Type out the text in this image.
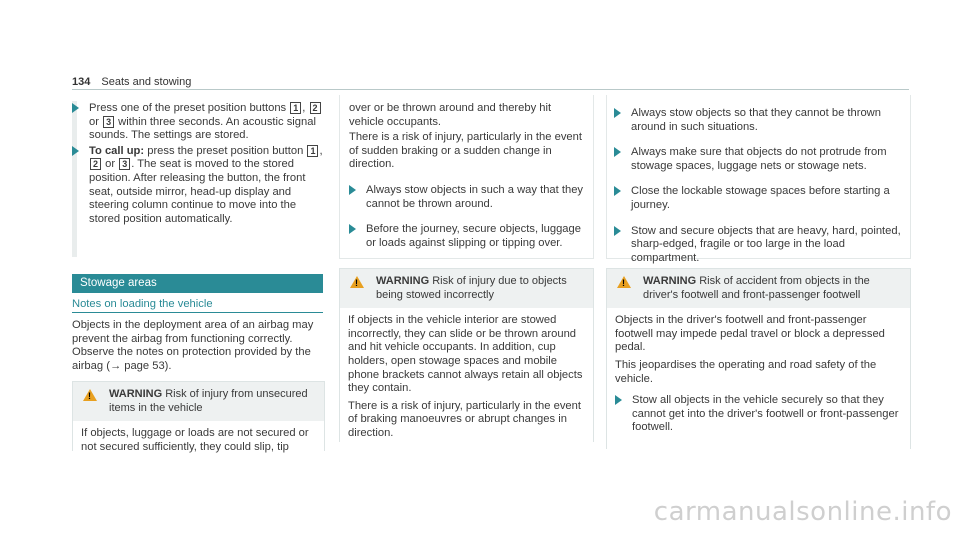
134 Seats and stowing
Press one of the preset position buttons 1 , 2 or 3 within three seconds. An acoustic signal sounds. The settings are stored.
To call up: press the preset position button 1 , 2 or 3 . The seat is moved to the stored position. After releasing the button, the front seat, outside mirror, head-up display and steering column continue to move into the stored position automatically.
Stowage areas
Notes on loading the vehicle
Objects in the deployment area of an airbag may prevent the airbag from functioning correctly. Observe the notes on protection provided by the airbag (→ page 53).
!
WARNING Risk of injury from unsecured items in the vehicle
If objects, luggage or loads are not secured or not secured sufficiently, they could slip, tip

over or be thrown around and thereby hit vehicle occupants.

There is a risk of injury, particularly in the event of sudden braking or a sudden change in direction.

Always stow objects in such a way that they cannot be thrown around.
Before the journey, secure objects, luggage or loads against slipping or tipping over.
!
WARNING Risk of injury due to objects being stowed incorrectly

If objects in the vehicle interior are stowed incorrectly, they can slide or be thrown around and hit vehicle occupants. In addition, cup holders, open stowage spaces and mobile phone brackets cannot always retain all objects they contain.

There is a risk of injury, particularly in the event of braking manoeuvres or abrupt changes in direction.

Always stow objects so that they cannot be thrown around in such situations.
Always make sure that objects do not protrude from stowage spaces, luggage nets or stowage nets.
Close the lockable stowage spaces before starting a journey.
Stow and secure objects that are heavy, hard, pointed, sharp-edged, fragile or too large in the load compartment.
!
WARNING Risk of accident from objects in the driver's footwell and front-passenger footwell

Objects in the driver's footwell and front-passenger footwell may impede pedal travel or block a depressed pedal.

This jeopardises the operating and road safety of the vehicle.

Stow all objects in the vehicle securely so that they cannot get into the driver's footwell or front-passenger footwell.
carmanualsonline.info
